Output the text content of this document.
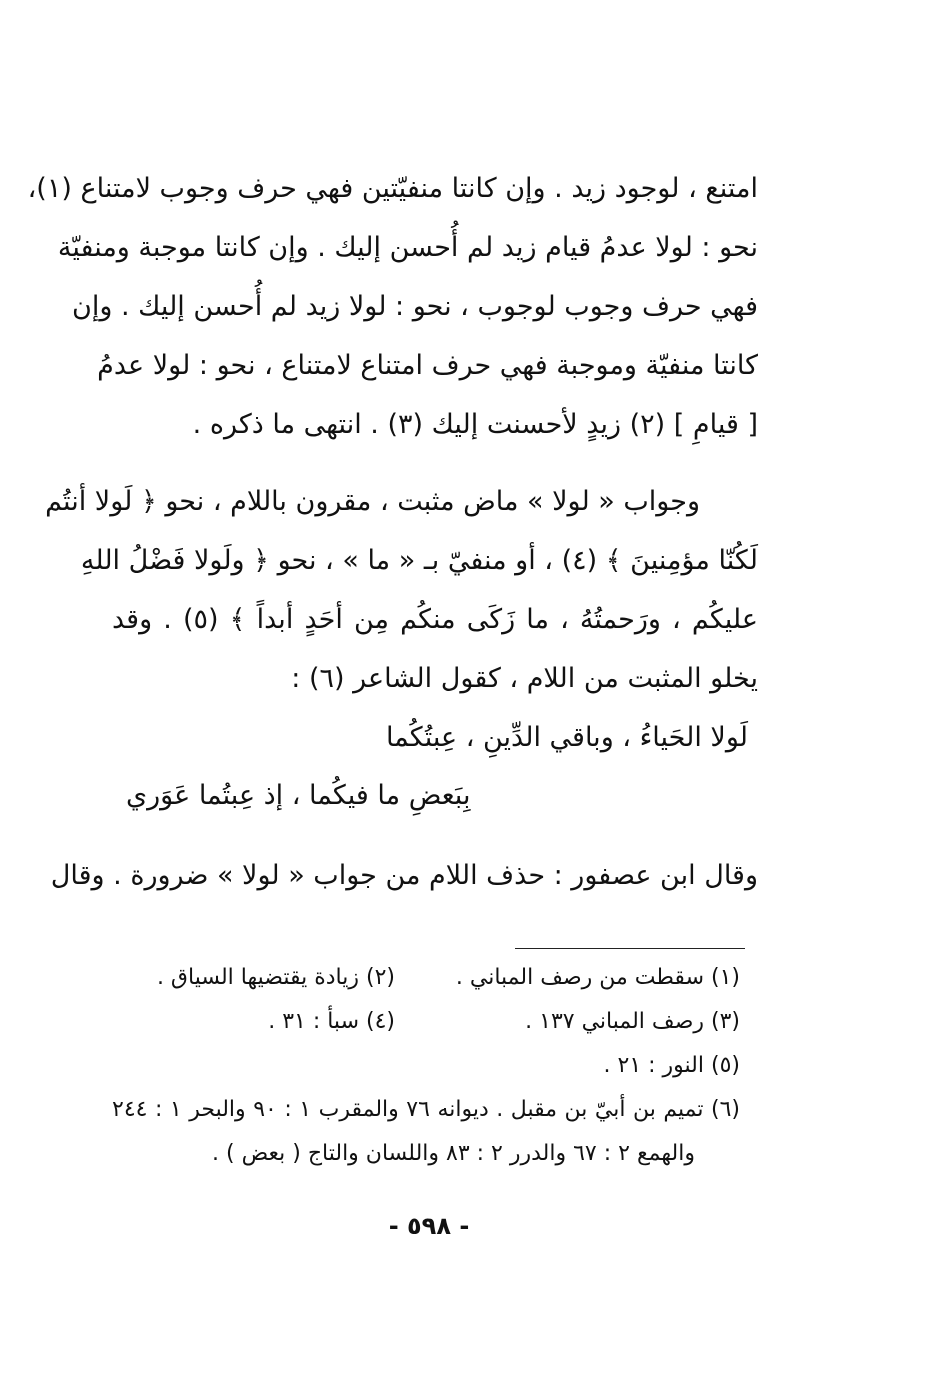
امتنع ، لوجود زيد . وإن كانتا منفيّتين فهي حرف وجوب لامتناع (١)،
نحو : لولا عدمُ قيام زيد لم أُحسن إليك . وإن كانتا موجبة ومنفيّة
فهي حرف وجوب لوجوب ، نحو : لولا زيد لم أُحسن إليك . وإن
كانتا منفيّة وموجبة فهي حرف امتناع لامتناع ، نحو : لولا عدمُ
[ قيامِ ] (٢) زيدٍ لأحسنت إليك (٣) . انتهى ما ذكره .
وجواب « لولا » ماض مثبت ، مقرون باللام ، نحو ﴿ لَولا أنتُم
لَكُنّا مؤمِنينَ ﴾ (٤) ، أو منفيّ بـ « ما » ، نحو ﴿ ولَولا فَضْلُ اللهِ
عليكُم ، ورَحمتُهُ ، ما زَكَى منكُم مِن أحَدٍ أبداً ﴾ (٥) . وقد
يخلو المثبت من اللام ، كقول الشاعر (٦) :
لَولا الحَياءُ ، وباقي الدِّينِ ، عِبتُكُما
بِبَعضِ ما فيكُما ، إذ عِبتُما عَوَري
وقال ابن عصفور : حذف اللام من جواب « لولا » ضرورة . وقال
(١) سقطت من رصف المباني .
(٢) زيادة يقتضيها السياق .
(٣) رصف المباني ١٣٧ .
(٤) سبأ : ٣١ .
(٥) النور : ٢١ .
(٦) تميم بن أبيّ بن مقبل . ديوانه ٧٦ والمقرب ١ : ٩٠ والبحر ١ : ٢٤٤
والهمع ٢ : ٦٧ والدرر ٢ : ٨٣ واللسان والتاج ( بعض ) .
- ٥٩٨ -
